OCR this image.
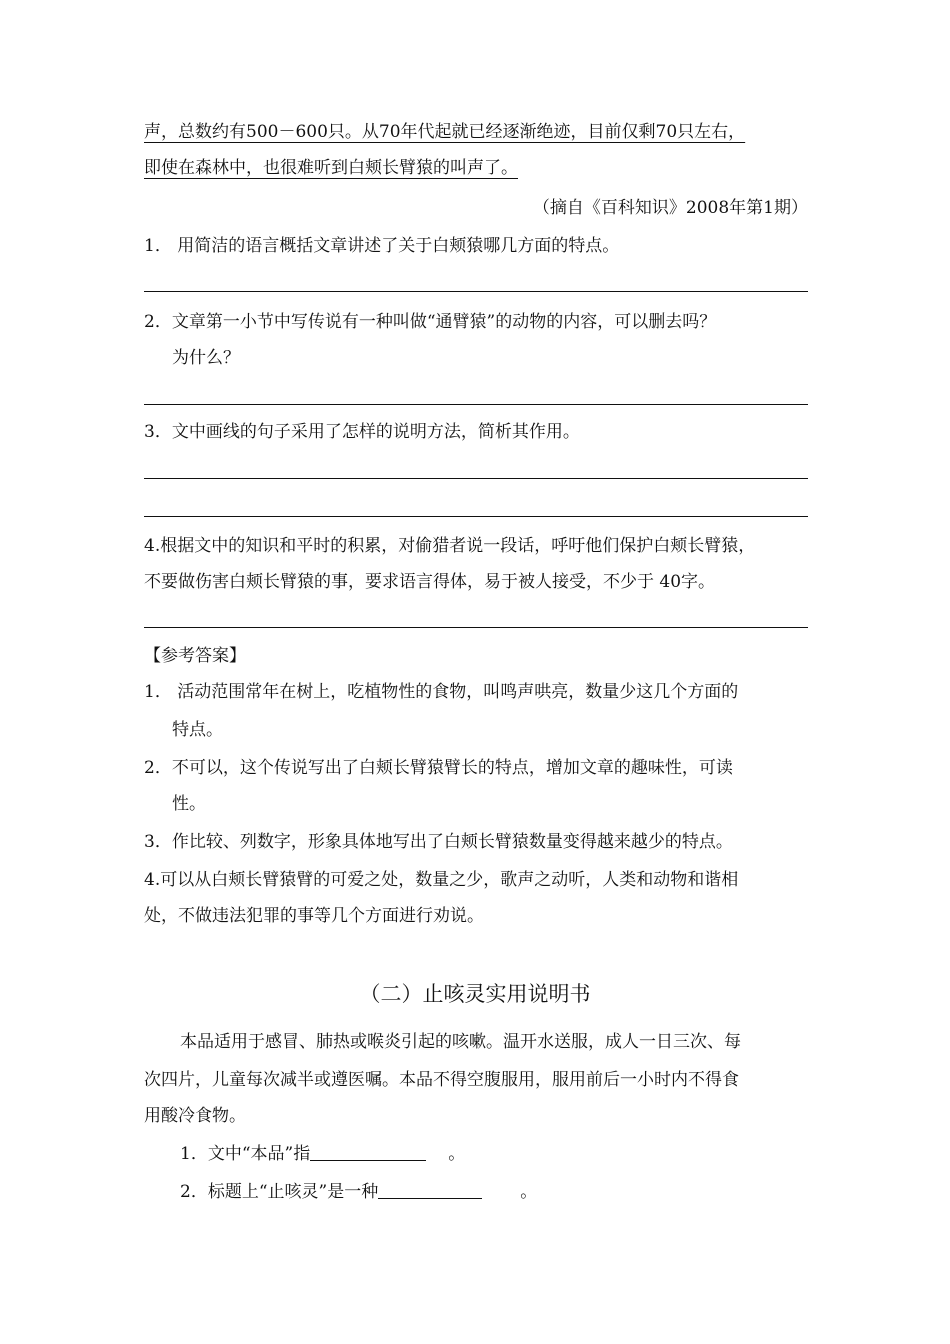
声，总数约有500－600只。从70年代起就已经逐渐绝迹，目前仅剩70只左右，
即使在森林中，也很难听到白颊长臂猿的叫声了。
（摘自《百科知识》2008年第1期）
1． 用简洁的语言概括文章讲述了关于白颊猿哪几方面的特点。
2．文章第一小节中写传说有一种叫做“通臂猿”的动物的内容，可以删去吗？
为什么？
3．文中画线的句子采用了怎样的说明方法，简析其作用。
4.根据文中的知识和平时的积累，对偷猎者说一段话，呼吁他们保护白颊长臂猿，
不要做伤害白颊长臂猿的事，要求语言得体，易于被人接受，不少于 40字。
【参考答案】
1． 活动范围常年在树上，吃植物性的食物，叫鸣声哄亮，数量少这几个方面的
特点。
2．不可以，这个传说写出了白颊长臂猿臂长的特点，增加文章的趣味性，可读
性。
3．作比较、列数字，形象具体地写出了白颊长臂猿数量变得越来越少的特点。
4.可以从白颊长臂猿臂的可爱之处，数量之少，歌声之动听，人类和动物和谐相
处，不做违法犯罪的事等几个方面进行劝说。
（二）止咳灵实用说明书
本品适用于感冒、肺热或喉炎引起的咳嗽。温开水送服，成人一日三次、每
次四片，儿童每次减半或遵医嘱。本品不得空腹服用，服用前后一小时内不得食
用酸冷食物。
1．文中“本品”指	。
2．标题上“止咳灵”是一种	。
